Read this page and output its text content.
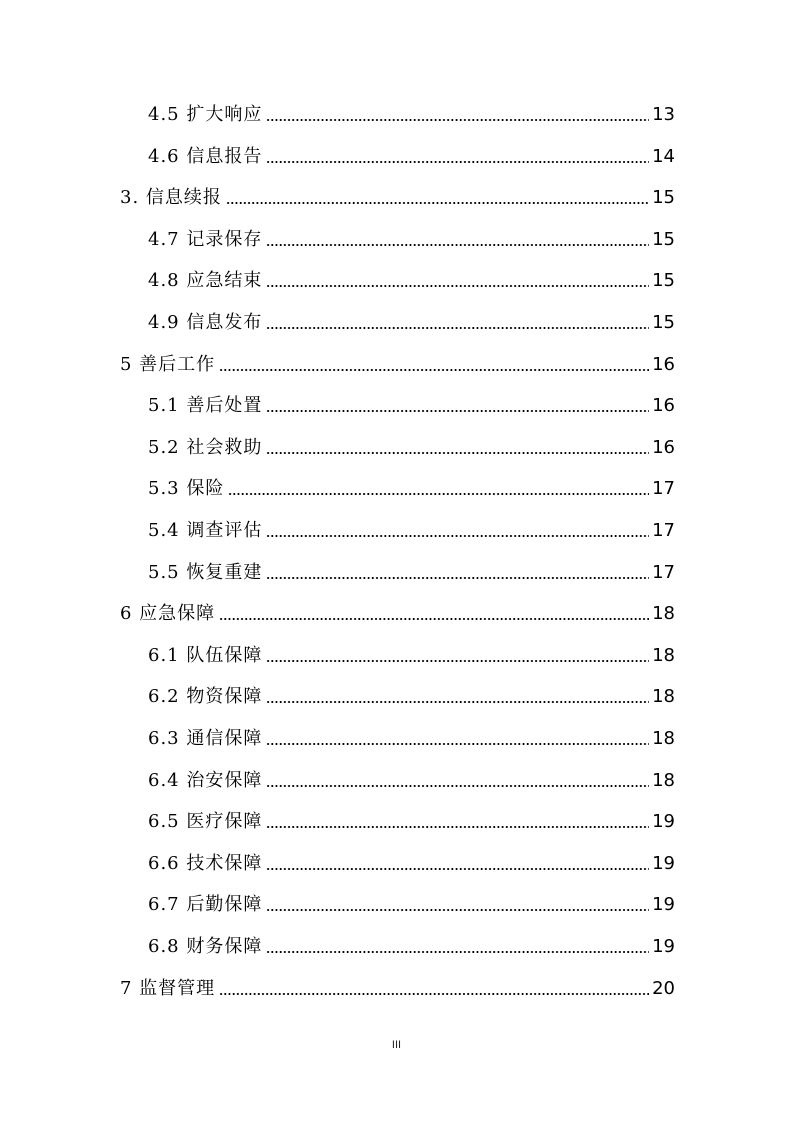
4.5 扩大响应	13
4.6 信息报告	14
3. 信息续报	15
4.7 记录保存	15
4.8 应急结束	15
4.9 信息发布	15
5 善后工作	16
5.1 善后处置	16
5.2 社会救助	16
5.3 保险	17
5.4 调查评估	17
5.5 恢复重建	17
6 应急保障	18
6.1 队伍保障	18
6.2 物资保障	18
6.3 通信保障	18
6.4 治安保障	18
6.5 医疗保障	19
6.6 技术保障	19
6.7 后勤保障	19
6.8 财务保障	19
7 监督管理	20
III
